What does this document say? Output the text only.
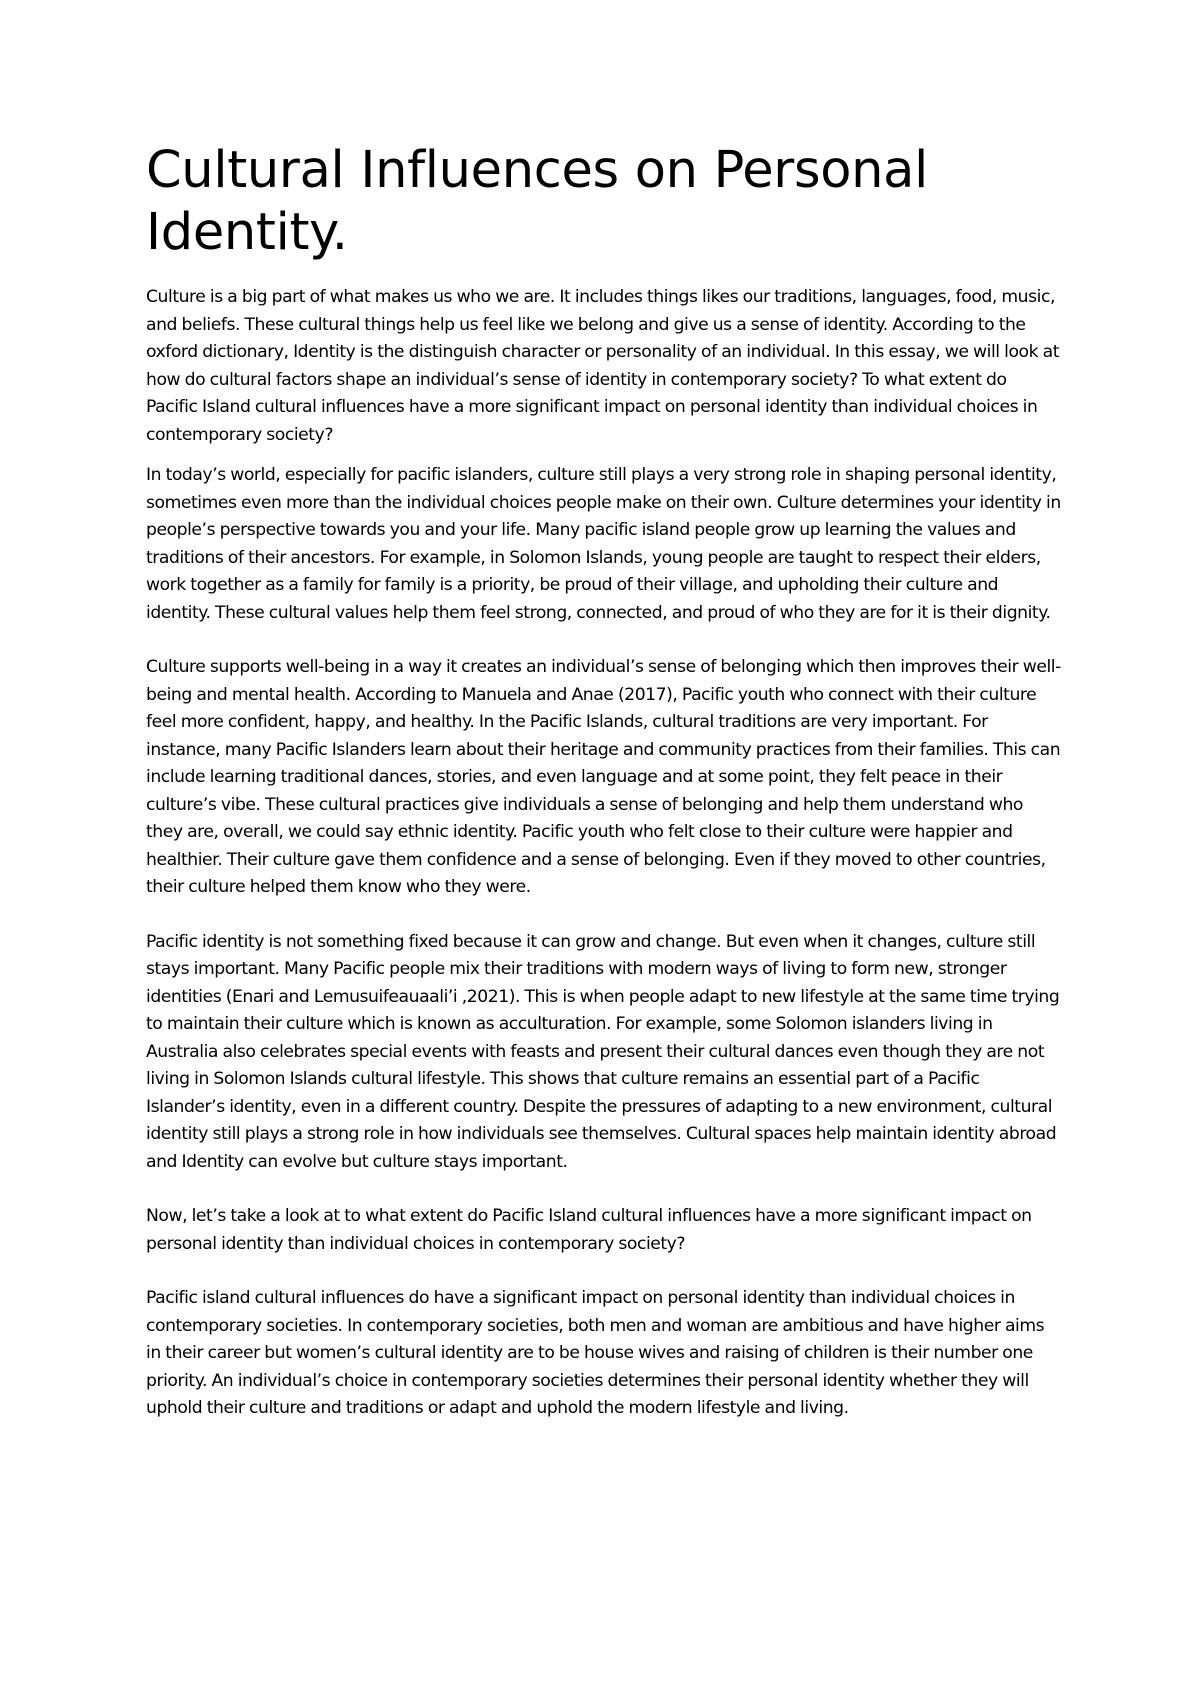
Cultural Influences on Personal Identity.

Culture is a big part of what makes us who we are. It includes things likes our traditions, languages, food, music, and beliefs. These cultural things help us feel like we belong and give us a sense of identity. According to the oxford dictionary, Identity is the distinguish character or personality of an individual. In this essay, we will look at how do cultural factors shape an individual’s sense of identity in contemporary society? To what extent do Pacific Island cultural influences have a more significant impact on personal identity than individual choices in contemporary society?

In today’s world, especially for pacific islanders, culture still plays a very strong role in shaping personal identity, sometimes even more than the individual choices people make on their own. Culture determines your identity in people’s perspective towards you and your life. Many pacific island people grow up learning the values and traditions of their ancestors. For example, in Solomon Islands, young people are taught to respect their elders, work together as a family for family is a priority, be proud of their village, and upholding their culture and identity. These cultural values help them feel strong, connected, and proud of who they are for it is their dignity.

Culture supports well-being in a way it creates an individual’s sense of belonging which then improves their well-being and mental health. According to Manuela and Anae (2017), Pacific youth who connect with their culture feel more confident, happy, and healthy. In the Pacific Islands, cultural traditions are very important. For instance, many Pacific Islanders learn about their heritage and community practices from their families. This can include learning traditional dances, stories, and even language and at some point, they felt peace in their culture’s vibe. These cultural practices give individuals a sense of belonging and help them understand who they are, overall, we could say ethnic identity. Pacific youth who felt close to their culture were happier and healthier. Their culture gave them confidence and a sense of belonging. Even if they moved to other countries, their culture helped them know who they were.

Pacific identity is not something fixed because it can grow and change. But even when it changes, culture still stays important. Many Pacific people mix their traditions with modern ways of living to form new, stronger identities (Enari and Lemusuifeauaali’i ,2021). This is when people adapt to new lifestyle at the same time trying to maintain their culture which is known as acculturation. For example, some Solomon islanders living in Australia also celebrates special events with feasts and present their cultural dances even though they are not living in Solomon Islands cultural lifestyle. This shows that culture remains an essential part of a Pacific Islander’s identity, even in a different country. Despite the pressures of adapting to a new environment, cultural identity still plays a strong role in how individuals see themselves. Cultural spaces help maintain identity abroad and Identity can evolve but culture stays important.

Now, let’s take a look at to what extent do Pacific Island cultural influences have a more significant impact on personal identity than individual choices in contemporary society?

Pacific island cultural influences do have a significant impact on personal identity than individual choices in contemporary societies. In contemporary societies, both men and woman are ambitious and have higher aims in their career but women’s cultural identity are to be house wives and raising of children is their number one priority. An individual’s choice in contemporary societies determines their personal identity whether they will uphold their culture and traditions or adapt and uphold the modern lifestyle and living.
